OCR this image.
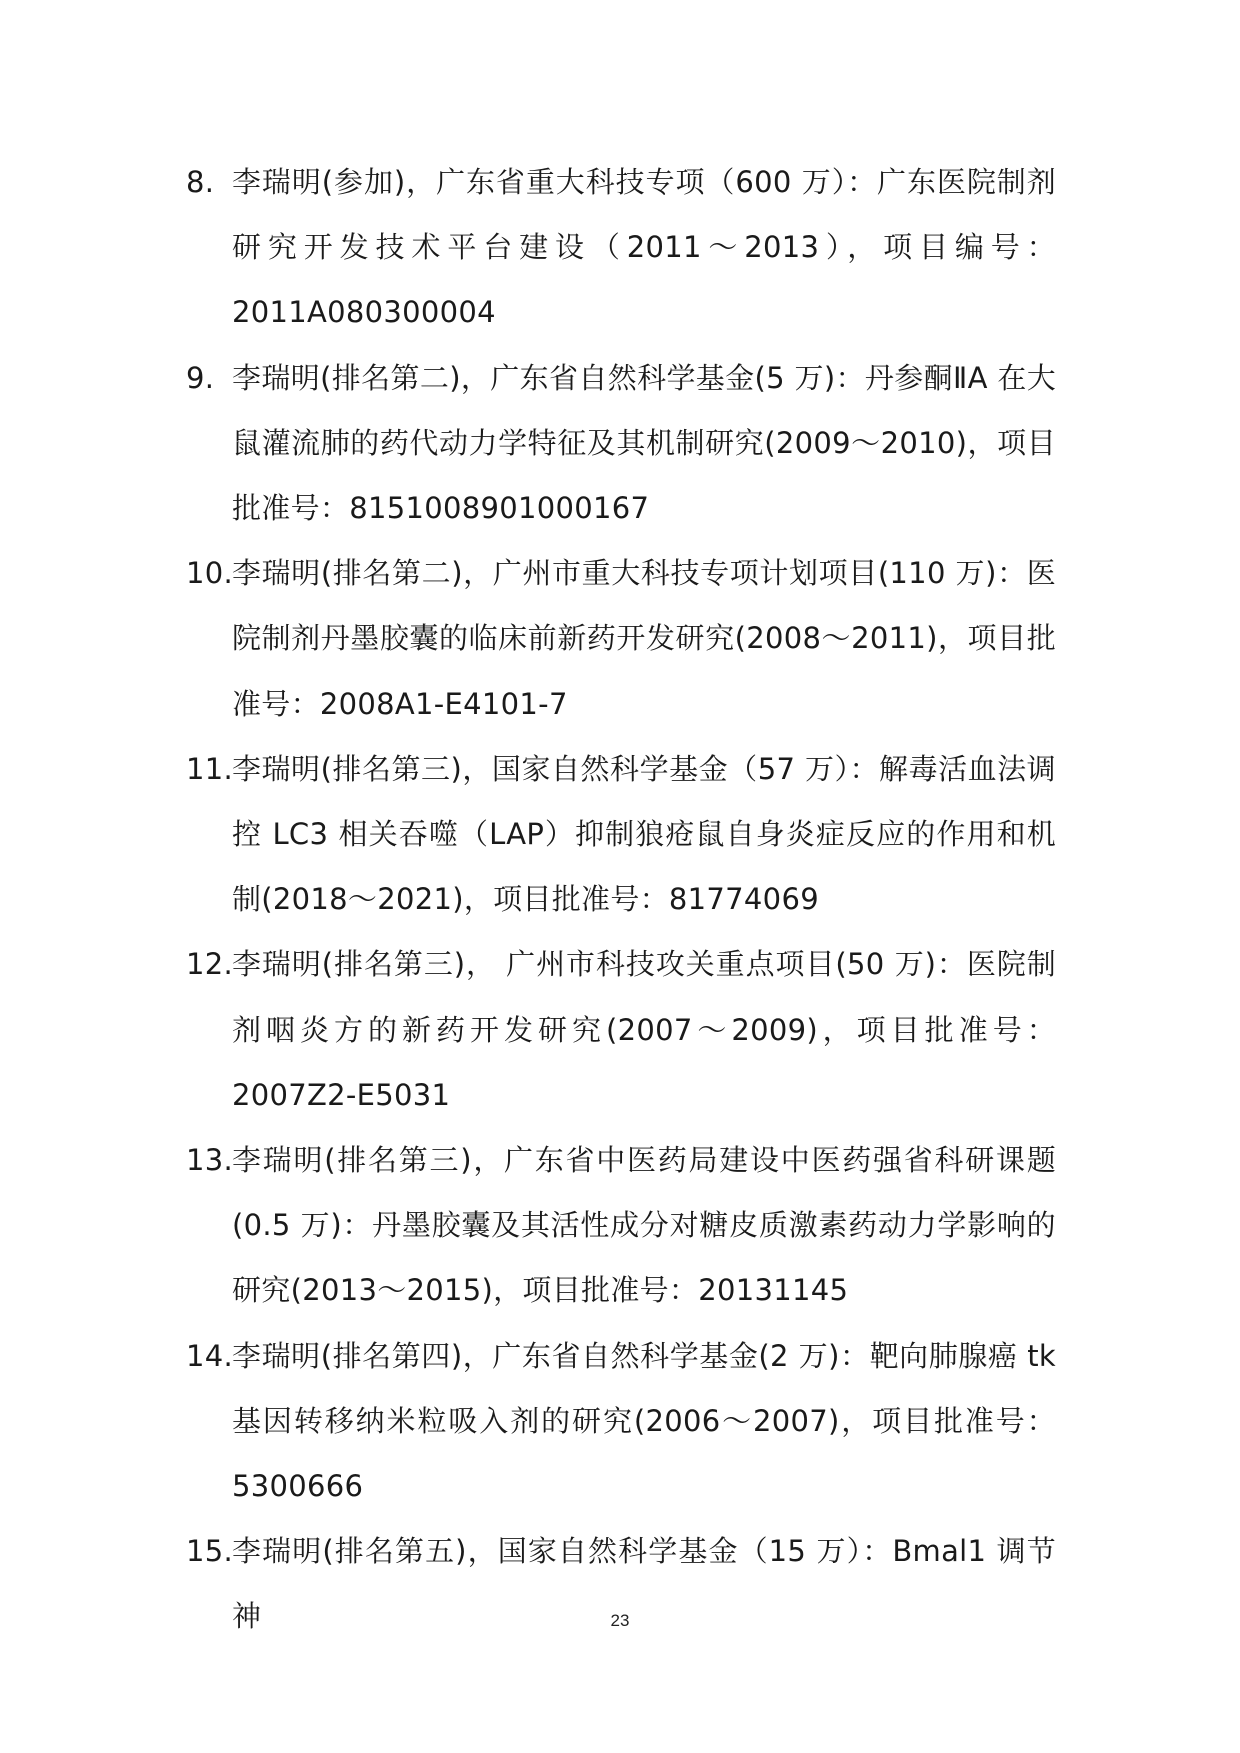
8. 李瑞明(参加)，广东省重大科技专项（600 万）：广东医院制剂研究开发技术平台建设（2011～2013），项目编号：2011A080300004
9. 李瑞明(排名第二)，广东省自然科学基金(5 万)：丹参酮ⅡA 在大鼠灌流肺的药代动力学特征及其机制研究(2009～2010)，项目批准号：8151008901000167
10.
李瑞明(排名第二)，广州市重大科技专项计划项目(110 万)：医院制剂丹墨胶囊的临床前新药开发研究(2008～2011)，项目批准号：2008A1-E4101-7
11.
李瑞明(排名第三)，国家自然科学基金（57 万）：解毒活血法调控 LC3 相关吞噬（LAP）抑制狼疮鼠自身炎症反应的作用和机制(2018～2021)，项目批准号：81774069
12.
李瑞明(排名第三)， 广州市科技攻关重点项目(50 万)：医院制剂咽炎方的新药开发研究(2007～2009)，项目批准号：2007Z2-E5031
13.
李瑞明(排名第三)，广东省中医药局建设中医药强省科研课题(0.5 万)：丹墨胶囊及其活性成分对糖皮质激素药动力学影响的研究(2013～2015)，项目批准号：20131145
14.
李瑞明(排名第四)，广东省自然科学基金(2 万)：靶向肺腺癌 tk 基因转移纳米粒吸入剂的研究(2006～2007)，项目批准号：5300666
15.
李瑞明(排名第五)，国家自然科学基金（15 万）：Bmal1 调节神	23
